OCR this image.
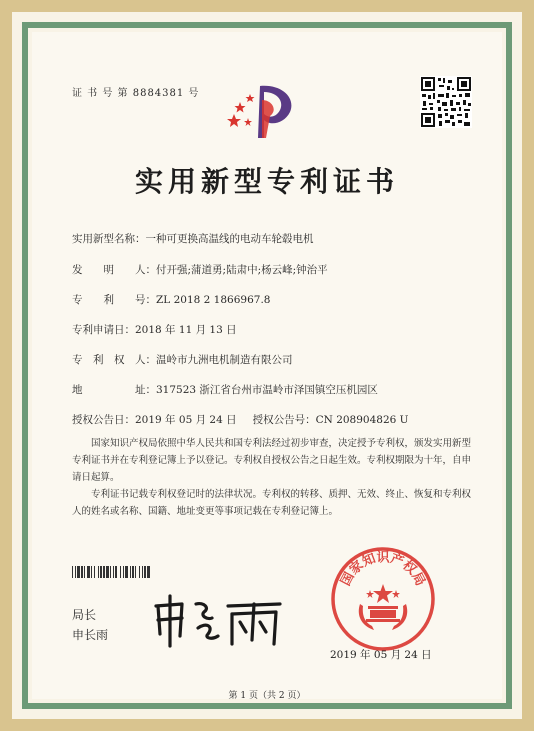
证 书 号 第 8884381 号
实用新型专利证书
实用新型名称：一种可更换高温线的电动车轮毂电机
发　　明　　人：付开强;蒲道勇;陆肃中;杨云峰;钟治平
专　　利　　号：ZL 2018 2 1866967.8
专利申请日：2018 年 11 月 13 日
专　利　权　人：温岭市九洲电机制造有限公司
地　　　　　址：317523 浙江省台州市温岭市泽国镇空压机园区
授权公告日：2019 年 05 月 24 日 授权公告号：CN 208904826 U
国家知识产权局依照中华人民共和国专利法经过初步审查，决定授予专利权，颁发实用新型专利证书并在专利登记簿上予以登记。专利权自授权公告之日起生效。专利权期限为十年，自申请日起算。
专利证书记载专利权登记时的法律状况。专利权的转移、质押、无效、终止、恢复和专利权人的姓名或名称、国籍、地址变更等事项记载在专利登记簿上。
局长
申长雨
国家知识产权局
2019 年 05 月 24 日
第 1 页（共 2 页）
